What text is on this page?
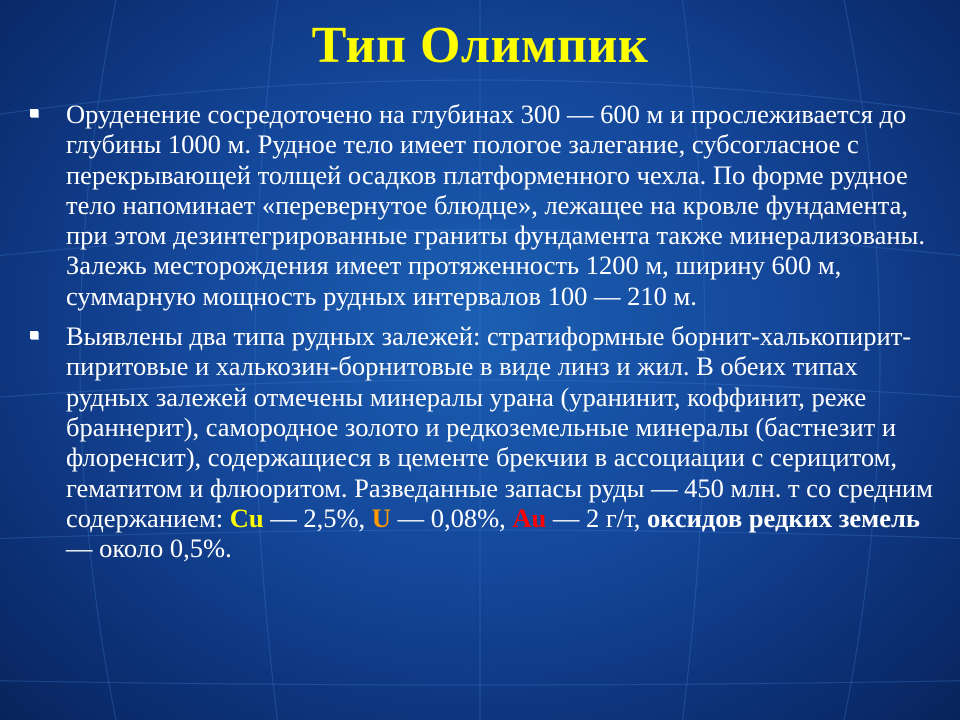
Тип Олимпик
Оруденение сосредоточено на глубинах 300 — 600 м и прослеживается до глубины 1000 м. Рудное тело имеет пологое залегание, субсогласное с перекрывающей толщей осадков платформенного чехла. По форме рудное тело напоминает «перевернутое блюдце», лежащее на кровле фундамента, при этом дезинтегрированные граниты фундамента также минерализованы. Залежь месторождения имеет протяженность 1200 м, ширину 600 м, суммарную мощность рудных интервалов 100 — 210 м.
Выявлены два типа рудных залежей: стратиформные борнит-халькопирит-пиритовые и халькозин-борнитовые в виде линз и жил. В обеих типах рудных залежей отмечены минералы урана (уранинит, коффинит, реже браннерит), самородное золото и редкоземельные минералы (бастнезит и флоренсит), содержащиеся в цементе брекчии в ассоциации с серицитом, гематитом и флюоритом. Разведанные запасы руды — 450 млн. т со средним содержанием: Cu — 2,5%, U — 0,08%, Au — 2 г/т, оксидов редких земель — около 0,5%.
